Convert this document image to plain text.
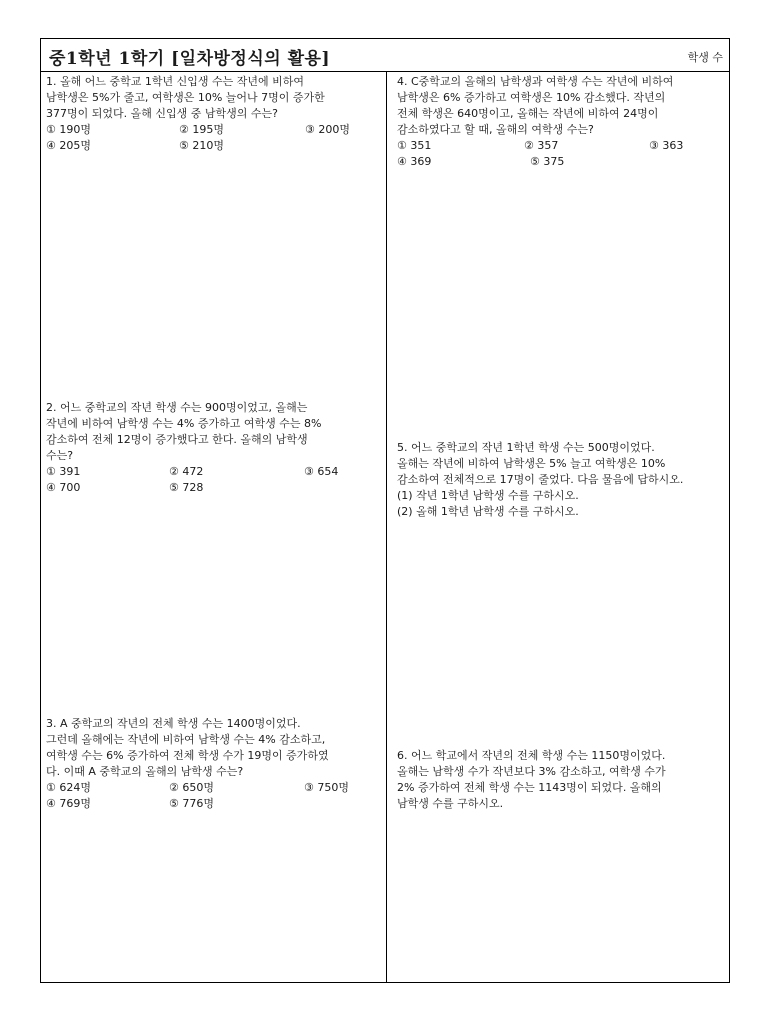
중1학년 1학기 [일차방정식의 활용]	학생 수

1. 올해 어느 중학교 1학년 신입생 수는 작년에 비하여

남학생은 5%가 줄고, 여학생은 10% 늘어나 7명이 증가한

377명이 되었다. 올해 신입생 중 남학생의 수는?

① 190명	② 195명	③ 200명
④ 205명	⑤ 210명

2. 어느 중학교의 작년 학생 수는 900명이었고, 올해는

작년에 비하여 남학생 수는 4% 증가하고 여학생 수는 8%

감소하여 전체 12명이 증가했다고 한다. 올해의 남학생

수는?

① 391	② 472	③ 654
④ 700	⑤ 728

3. A 중학교의 작년의 전체 학생 수는 1400명이었다.

그런데 올해에는 작년에 비하여 남학생 수는 4% 감소하고,

여학생 수는 6% 증가하여 전체 학생 수가 19명이 증가하였

다. 이때 A 중학교의 올해의 남학생 수는?

① 624명	② 650명	③ 750명
④ 769명	⑤ 776명

4. C중학교의 올해의 남학생과 여학생 수는 작년에 비하여

남학생은 6% 증가하고 여학생은 10% 감소했다. 작년의

전체 학생은 640명이고, 올해는 작년에 비하여 24명이

감소하였다고 할 때, 올해의 여학생 수는?

① 351	② 357	③ 363
④ 369	⑤ 375

5. 어느 중학교의 작년 1학년 학생 수는 500명이었다.

올해는 작년에 비하여 남학생은 5% 늘고 여학생은 10%

감소하여 전체적으로 17명이 줄었다. 다음 물음에 답하시오.

(1) 작년 1학년 남학생 수를 구하시오.

(2) 올해 1학년 남학생 수를 구하시오.

6. 어느 학교에서 작년의 전체 학생 수는 1150명이었다.

올해는 남학생 수가 작년보다 3% 감소하고, 여학생 수가

2% 증가하여 전체 학생 수는 1143명이 되었다. 올해의

남학생 수를 구하시오.
